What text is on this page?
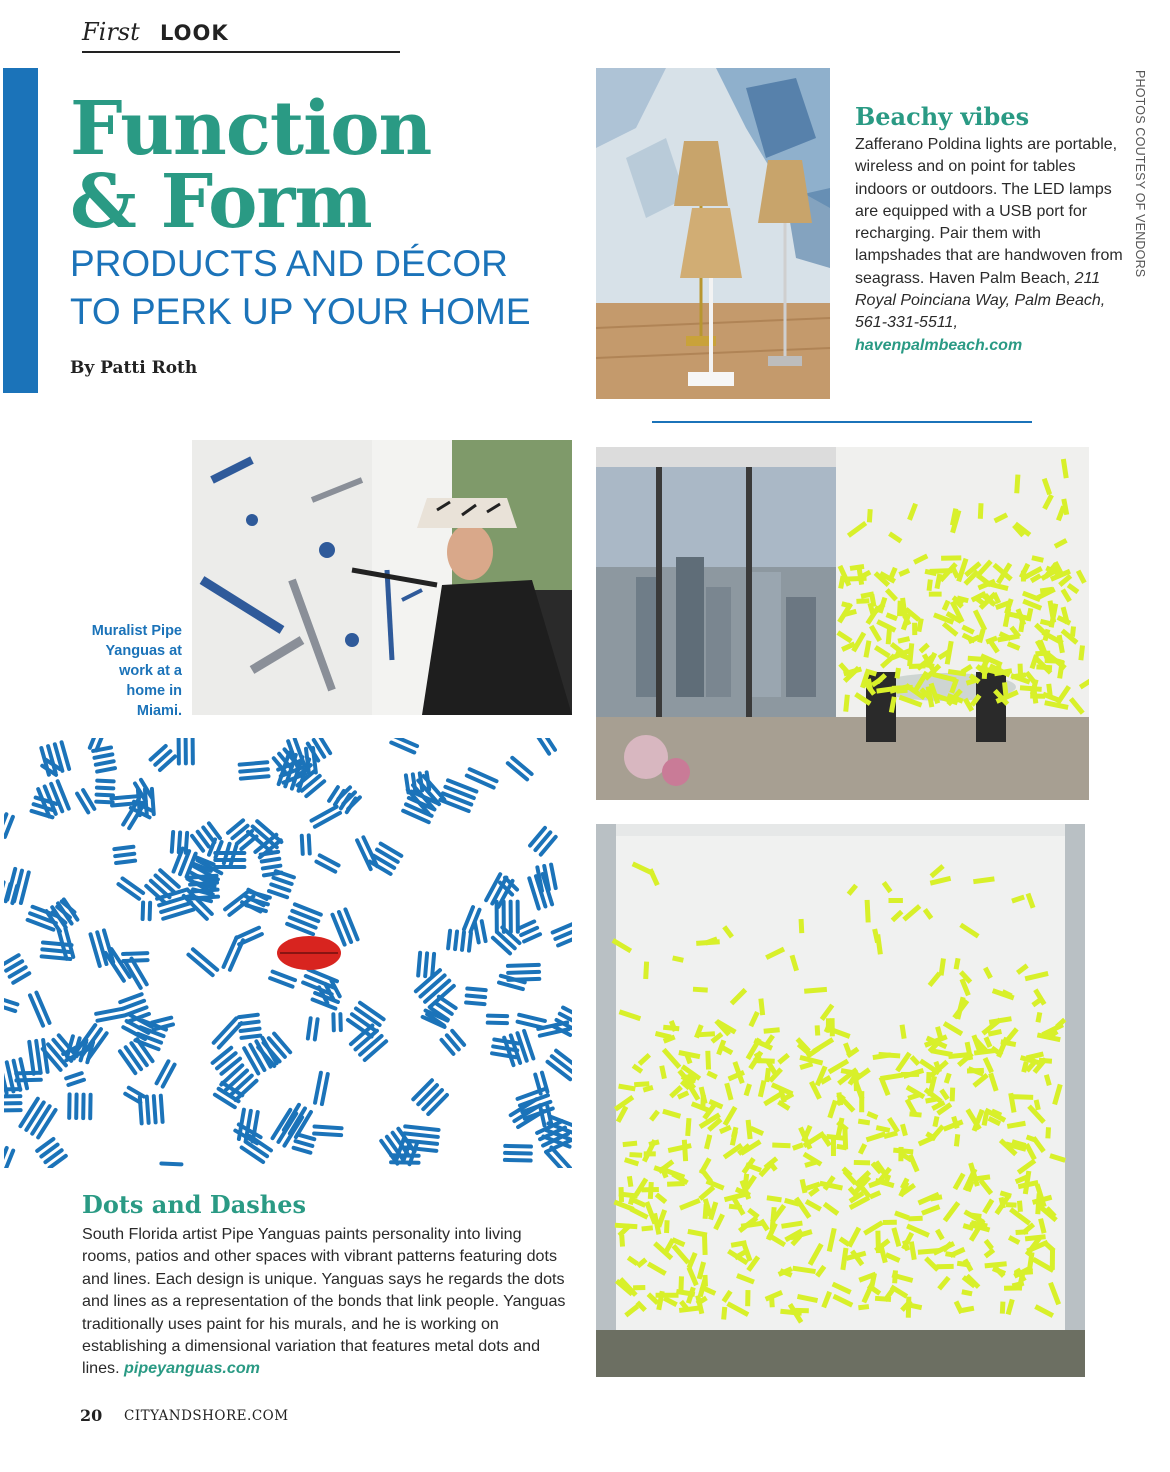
First LOOK
Function
& Form
PRODUCTS AND DÉCOR
TO PERK UP YOUR HOME
By Patti Roth
PHOTOS COUTESY OF VENDORS
Beachy vibes
Zafferano Poldina lights are portable, wireless and on point for tables indoors or outdoors. The LED lamps are equipped with a USB port for recharging. Pair them with lampshades that are handwoven from seagrass. Haven Palm Beach, 211 Royal Poinciana Way, Palm Beach, 561-331-5511,
havenpalmbeach.com
Muralist Pipe Yanguas at work at a home in Miami.
Dots and Dashes
South Florida artist Pipe Yanguas paints personality into living rooms, patios and other spaces with vibrant patterns featuring dots and lines. Each design is unique. Yanguas says he regards the dots and lines as a representation of the bonds that link people. Yanguas traditionally uses paint for his murals, and he is working on establishing a dimensional variation that features metal dots and lines. pipeyanguas.com
20 CITYANDSHORE.COM
